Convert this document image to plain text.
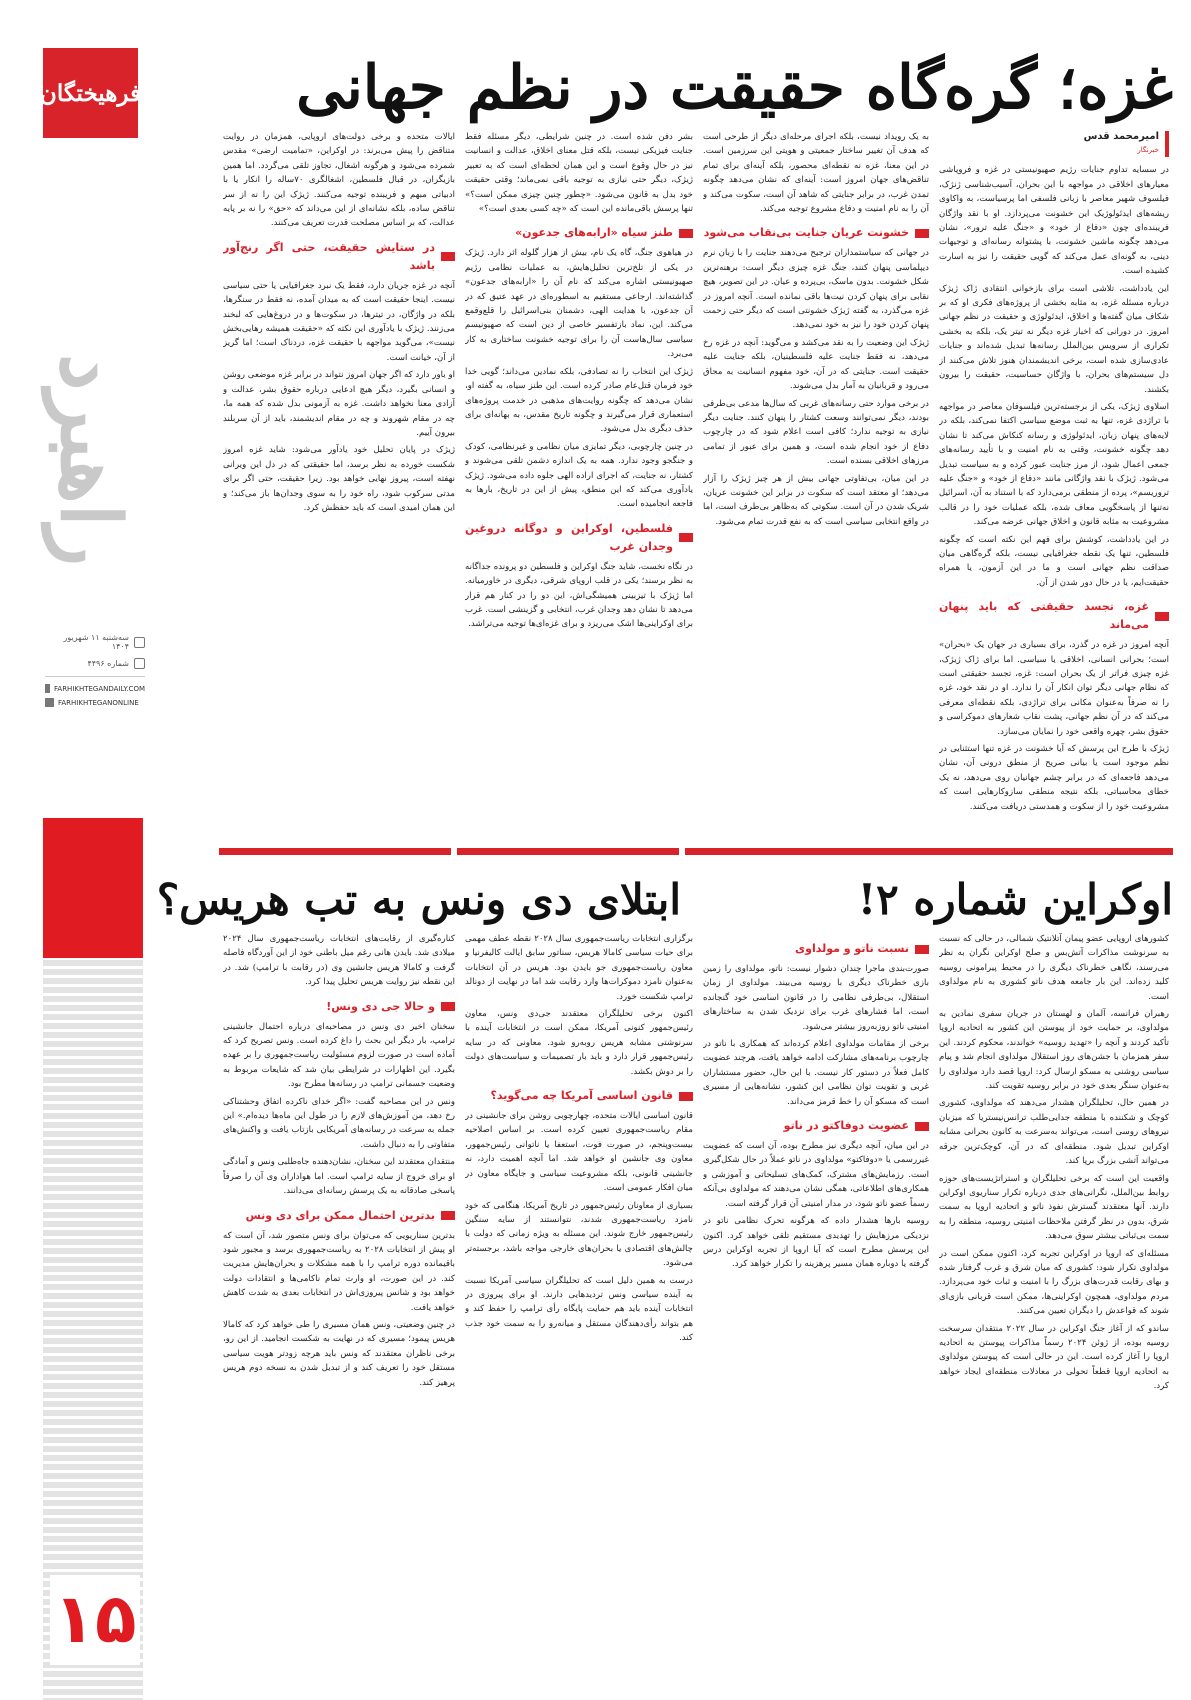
فرهیختگان
راهبرد
سه‌شنبه ۱۱ شهریور ۱۴۰۴
شماره ۴۴۹۶
FARHIKHTEGANDAILY.COM
FARHIKHTEGANONLINE
۱۵
غزه؛ گره‌گاه حقیقت در نظم جهانی
امیرمحمد قدس
خبرنگار

در سسایه تداوم جنایات رژیم صهیونیستی در غزه و فروپاشی معیارهای اخلاقی در مواجهه با این بحران، آسیب‌شناسی ژنژک، فیلسوف شهیر معاصر با زبانی فلسفی اما پرسیاست، به واکاوی ریشه‌های ایدئولوژیک این خشونت می‌پردازد. او با نقد واژگان فریبنده‌ای چون «دفاع از خود» و «جنگ علیه ترور»، نشان می‌دهد چگونه ماشین خشونت، با پشتوانه رسانه‌ای و توجیهات دینی، به گونه‌ای عمل می‌کند که گویی حقیقت را نیز به اسارت کشیده است.

این یادداشت، تلاشی است برای بازخوانی انتقادی ژاک ژیژک درباره مسئله غزه، به‌ مثابه بخشی از پروژه‌های فکری او که بر شکاف میان گفته‌ها و اخلاق، ایدئولوژی و حقیقت در نظم جهانی امروز. در دورانی که اخبار غزه دیگر نه تیتر یک، بلکه به بخشی تکراری از سرویس بین‌الملل رسانه‌ها تبدیل شده‌اند و جنایات عادی‌سازی شده است، برخی اندیشمندان هنوز تلاش می‌کنند از دل سیستم‌های بحران، با واژگان حساسیت، حقیقت را بیرون بکشند.

اسلاوی ژیژک، یکی از برجسته‌ترین فیلسوفان معاصر در مواجهه با تراژدی غزه، تنها به ثبت موضع سیاسی اکتفا نمی‌کند، بلکه در لایه‌های پنهان زبان، ایدئولوژی و رسانه کنکاش می‌کند تا نشان دهد چگونه خشونت، وقتی به نام امنیت و با تأیید رسانه‌های جمعی اعمال شود، از مرز جنایت عبور کرده و به سیاست تبدیل می‌شود. ژیژک با نقد واژگانی مانند «دفاع از خود» و «جنگ علیه تروریسم»، پرده از منطقی برمی‌دارد که با استناد به آن، اسرائیل نه‌تنها از پاسخگویی معاف شده، بلکه عملیات خود را در قالب مشروعیت به‌ مثابه قانون و اخلاق جهانی عرضه می‌کند.

در این یادداشت، کوشش برای فهم این نکته است که چگونه فلسطین، تنها یک نقطه جغرافیایی نیست، بلکه گره‌گاهی میان صداقت نظم جهانی است و ما در این آزمون، یا همراه حقیقت‌ایم، یا در حال دور شدن از آن.

غزه، تجسد حقیقتی که باید پنهان می‌ماند

آنچه امروز در غزه در گذرد، برای بسیاری در جهان یک «بحران» است؛ بحرانی انسانی، اخلاقی یا سیاسی. اما برای ژاک ژیژک، غزه چیزی فراتر از یک بحران است: غزه، تجسد حقیقتی است که نظام جهانی دیگر توان انکار آن را ندارد. او در نقد خود، غزه را نه صرفاً به‌عنوان مکانی برای تراژدی، بلکه نقطه‌ای معرفی می‌کند که در آن نظم جهانی، پشت نقاب شعارهای دموکراسی و حقوق بشر، چهره واقعی خود را نمایان می‌سازد.

ژیژک با طرح این پرسش که آیا خشونت در غزه تنها استثنایی در نظم موجود است یا بیانی صریح از منطق درونی آن، نشان می‌دهد فاجعه‌ای که در برابر چشم جهانیان روی می‌دهد، نه یک خطای محاسباتی، بلکه نتیجه منطقی سازوکارهایی است که مشروعیت خود را از سکوت و همدستی دریافت می‌کنند.

به یک رویداد نیست، بلکه اجرای مرحله‌ای دیگر از طرحی است که هدف آن تغییر ساختار جمعیتی و هویتی این سرزمین است. در این معنا، غزه نه نقطه‌ای محصور، بلکه آینه‌ای برای تمام تناقض‌های جهان امروز است: آینه‌ای که نشان می‌دهد چگونه تمدن غرب، در برابر جنایتی که شاهد آن است، سکوت می‌کند و آن را به نام امنیت و دفاع مشروع توجیه می‌کند.

خشونت عریان جنایت بی‌نقاب می‌شود

در جهانی که سیاستمداران ترجیح می‌دهند جنایت را با زبان نرم دیپلماسی پنهان کنند، جنگ غزه چیزی دیگر است: برهنه‌ترین شکل خشونت. بدون ماسک، بی‌پرده و عیان. در این تصویر، هیچ نقابی برای پنهان کردن نیت‌ها باقی نمانده است. آنچه امروز در غزه می‌گذرد، به گفته ژیژک خشونتی است که دیگر حتی زحمت پنهان کردن خود را نیز به خود نمی‌دهد.

ژیژک این وضعیت را به نقد می‌کشد و می‌گوید: آنچه در غزه رخ می‌دهد، نه فقط جنایت علیه فلسطینیان، بلکه جنایت علیه حقیقت است. جنایتی که در آن، خود مفهوم انسانیت به محاق می‌رود و قربانیان به آمار بدل می‌شوند.

در برخی موارد حتی رسانه‌های غربی که سال‌ها مدعی بی‌طرفی بودند، دیگر نمی‌توانند وسعت کشتار را پنهان کنند. جنایت دیگر نیازی به توجیه ندارد؛ کافی است اعلام شود که در چارچوب دفاع از خود انجام شده است، و همین برای عبور از تمامی مرزهای اخلاقی بسنده است.

در این میان، بی‌تفاوتی جهانی بیش از هر چیز ژیژک را آزار می‌دهد؛ او معتقد است که سکوت در برابر این خشونت عریان، شریک شدن در آن است. سکوتی که به‌ظاهر بی‌طرف است، اما در واقع انتخابی سیاسی است که به نفع قدرت تمام می‌شود.

بشر دفن شده است. در چنین شرایطی، دیگر مسئله فقط جنایت فیزیکی نیست، بلکه قتل معنای اخلاق، عدالت و انسانیت نیز در حال وقوع است و این همان لحظه‌ای است که به تعبیر ژیژک، دیگر حتی نیازی به توجیه باقی نمی‌ماند؛ وقتی حقیقت خود بدل به قانون می‌شود. «چطور چنین چیزی ممکن است؟» تنها پرسش باقی‌مانده این است که «چه کسی بعدی است؟»

طنز سیاه «ارابه‌های جدعون»

در هیاهوی جنگ، گاه یک نام، بیش از هزار گلوله اثر دارد. ژیژک در یکی از تلخ‌ترین تحلیل‌هایش، به عملیات نظامی رژیم صهیونیستی اشاره می‌کند که نام آن را «ارابه‌های جدعون» گذاشته‌اند. ارجاعی مستقیم به اسطوره‌ای در عهد عتیق که در آن جدعون، با هدایت الهی، دشمنان بنی‌اسرائیل را قلع‌وقمع می‌کند. این، نماد بازتفسیر خاصی از دین است که صهیونیسم سیاسی سال‌هاست آن را برای توجیه خشونت ساختاری به کار می‌برد.

ژیژک این انتخاب را نه تصادفی، بلکه نمادین می‌داند؛ گویی خدا خود فرمان قتل‌عام صادر کرده است. این طنز سیاه، به گفته او، نشان می‌دهد که چگونه روایت‌های مذهبی در خدمت پروژه‌های استعماری قرار می‌گیرند و چگونه تاریخ مقدس، به بهانه‌ای برای حذف دیگری بدل می‌شود.

در چنین چارچوبی، دیگر تمایزی میان نظامی و غیرنظامی، کودک و جنگجو وجود ندارد. همه به یک اندازه دشمن تلقی می‌شوند و کشتار، نه جنایت، که اجرای اراده الهی جلوه داده می‌شود. ژیژک یادآوری می‌کند که این منطق، پیش از این در تاریخ، بارها به فاجعه انجامیده است.

فلسطین، اوکراین و دوگانه دروغین وجدان غرب

در نگاه نخست، شاید جنگ اوکراین و فلسطین دو پرونده جداگانه به نظر برسند؛ یکی در قلب اروپای شرقی، دیگری در خاورمیانه. اما ژیژک با تیزبینی همیشگی‌اش، این دو را در کنار هم قرار می‌دهد تا نشان دهد وجدان غرب، انتخابی و گزینشی است. غرب برای اوکراینی‌ها اشک می‌ریزد و برای غزه‌ای‌ها توجیه می‌تراشد.

ایالات متحده و برخی دولت‌های اروپایی، همزمان در روایت متناقض را پیش می‌برند: در اوکراین، «تمامیت ارضی» مقدس شمرده می‌شود و هرگونه اشغال، تجاوز تلقی می‌گردد. اما همین بازیگران، در قبال فلسطین، اشغالگری ۷۰ساله را انکار یا با ادبیاتی مبهم و فریبنده توجیه می‌کنند. ژیژک این را نه از سر تناقض ساده، بلکه نشانه‌ای از این می‌داند که «حق» را نه بر پایه عدالت، که بر اساس مصلحت قدرت تعریف می‌کنند.

در ستایش حقیقت، حتی اگر رنج‌آور باشد

آنچه در غزه جریان دارد، فقط یک نبرد جغرافیایی یا حتی سیاسی نیست. اینجا حقیقت است که به میدان آمده، نه فقط در سنگرها، بلکه در واژگان، در تیترها، در سکوت‌ها و در دروغ‌هایی که لبخند می‌زنند. ژیژک با یادآوری این نکته که «حقیقت همیشه رهایی‌بخش نیست»، می‌گوید مواجهه با حقیقت غزه، دردناک است؛ اما گریز از آن، خیانت است.

او باور دارد که اگر جهان امروز نتواند در برابر غزه موضعی روشن و انسانی بگیرد، دیگر هیچ ادعایی درباره حقوق بشر، عدالت و آزادی معنا نخواهد داشت. غزه به آزمونی بدل شده که همه ما، چه در مقام شهروند و چه در مقام اندیشمند، باید از آن سربلند بیرون آییم.

ژیژک در پایان تحلیل خود یادآور می‌شود: شاید غزه امروز شکست خورده به نظر برسد، اما حقیقتی که در دل این ویرانی نهفته است، پیروز نهایی خواهد بود. زیرا حقیقت، حتی اگر برای مدتی سرکوب شود، راه خود را به سوی وجدان‌ها باز می‌کند؛ و این همان امیدی است که باید حفظش کرد.

اوکراین شماره ۲!
ابتلای دی ونس به تب هریس؟

کشورهای اروپایی عضو پیمان آتلانتیک شمالی، در حالی که نسبت به سرنوشت مذاکرات آتش‌بس و صلح اوکراین نگران به نظر می‌رسند، نگاهی خطرناک دیگری را در محیط پیرامونی روسیه کلید زده‌اند. این بار جامعه هدف ناتو کشوری به نام مولداوی است.

رهبران فرانسه، آلمان و لهستان در جریان سفری نمادین به مولداوی، بر حمایت خود از پیوستن این کشور به اتحادیه اروپا تأکید کردند و آنچه را «تهدید روسیه» خواندند، محکوم کردند. این سفر همزمان با جشن‌های روز استقلال مولداوی انجام شد و پیام سیاسی روشنی به مسکو ارسال کرد: اروپا قصد دارد مولداوی را به‌عنوان سنگر بعدی خود در برابر روسیه تقویت کند.

در همین حال، تحلیلگران هشدار می‌دهند که مولداوی، کشوری کوچک و شکننده با منطقه جدایی‌طلب ترانس‌نیستریا که میزبان نیروهای روسی است، می‌تواند به‌سرعت به کانون بحرانی مشابه اوکراین تبدیل شود. منطقه‌ای که در آن، کوچک‌ترین جرقه می‌تواند آتشی بزرگ برپا کند.

واقعیت این است که برخی تحلیلگران و استراتژیست‌های حوزه روابط بین‌الملل، نگرانی‌های جدی درباره تکرار سناریوی اوکراین دارند. آنها معتقدند گسترش نفوذ ناتو و اتحادیه اروپا به سمت شرق، بدون در نظر گرفتن ملاحظات امنیتی روسیه، منطقه را به سمت بی‌ثباتی بیشتر سوق می‌دهد.

مسئله‌ای که اروپا در اوکراین تجربه کرد، اکنون ممکن است در مولداوی تکرار شود: کشوری که میان شرق و غرب گرفتار شده و بهای رقابت قدرت‌های بزرگ را با امنیت و ثبات خود می‌پردازد. مردم مولداوی، همچون اوکراینی‌ها، ممکن است قربانی بازی‌ای شوند که قواعدش را دیگران تعیین می‌کنند.

ساندو که از آغاز جنگ اوکراین در سال ۲۰۲۲ منتقدان سرسخت روسیه بوده، از ژوئن ۲۰۲۴ رسماً مذاکرات پیوستن به اتحادیه اروپا را آغاز کرده است. این در حالی است که پیوستن مولداوی به اتحادیه اروپا قطعاً تحولی در معادلات منطقه‌ای ایجاد خواهد کرد.

نسبت ناتو و مولداوی

صورت‌بندی ماجرا چندان دشوار نیست: ناتو، مولداوی را زمین بازی خطرناک دیگری با روسیه می‌بیند. مولداوی از زمان استقلال، بی‌طرفی نظامی را در قانون اساسی خود گنجانده است، اما فشارهای غرب برای نزدیک شدن به ساختارهای امنیتی ناتو روزبه‌روز بیشتر می‌شود.

برخی از مقامات مولداوی اعلام کرده‌اند که همکاری با ناتو در چارچوب برنامه‌های مشارکت ادامه خواهد یافت، هرچند عضویت کامل فعلاً در دستور کار نیست. با این حال، حضور مستشاران غربی و تقویت توان نظامی این کشور، نشانه‌هایی از مسیری است که مسکو آن را خط قرمز می‌داند.

عضویت دوفاکتو در ناتو

در این میان، آنچه دیگری نیز مطرح بوده، آن است که عضویت غیررسمی یا «دوفاکتو» مولداوی در ناتو عملاً در حال شکل‌گیری است. رزمایش‌های مشترک، کمک‌های تسلیحاتی و آموزشی و همکاری‌های اطلاعاتی، همگی نشان می‌دهند که مولداوی بی‌آنکه رسماً عضو ناتو شود، در مدار امنیتی آن قرار گرفته است.

روسیه بارها هشدار داده که هرگونه تحرک نظامی ناتو در نزدیکی مرزهایش را تهدیدی مستقیم تلقی خواهد کرد. اکنون این پرسش مطرح است که آیا اروپا از تجربه اوکراین درس گرفته یا دوباره همان مسیر پرهزینه را تکرار خواهد کرد.

برگزاری انتخابات ریاست‌جمهوری سال ۲۰۲۸ نقطه عطف مهمی برای حیات سیاسی کامالا هریس، سناتور سابق ایالت کالیفرنیا و معاون ریاست‌جمهوری جو بایدن بود. هریس در آن انتخابات به‌عنوان نامزد دموکرات‌ها وارد رقابت شد اما در نهایت از دونالد ترامپ شکست خورد.

اکنون برخی تحلیلگران معتقدند جی‌دی ونس، معاون رئیس‌جمهور کنونی آمریکا، ممکن است در انتخابات آینده با سرنوشتی مشابه هریس روبه‌رو شود. معاونی که در سایه رئیس‌جمهور قرار دارد و باید بار تصمیمات و سیاست‌های دولت را بر دوش بکشد.

قانون اساسی آمریکا چه می‌گوید؟

قانون اساسی ایالات متحده، چهارچوبی روشن برای جانشینی در مقام ریاست‌جمهوری تعیین کرده است. بر اساس اصلاحیه بیست‌وپنجم، در صورت فوت، استعفا یا ناتوانی رئیس‌جمهور، معاون وی جانشین او خواهد شد. اما آنچه اهمیت دارد، نه جانشینی قانونی، بلکه مشروعیت سیاسی و جایگاه معاون در میان افکار عمومی است.

بسیاری از معاونان رئیس‌جمهور در تاریخ آمریکا، هنگامی که خود نامزد ریاست‌جمهوری شدند، نتوانستند از سایه سنگین رئیس‌جمهور خارج شوند. این مسئله به ویژه زمانی که دولت با چالش‌های اقتصادی یا بحران‌های خارجی مواجه باشد، برجسته‌تر می‌شود.

درست به همین دلیل است که تحلیلگران سیاسی آمریکا نسبت به آینده سیاسی ونس تردیدهایی دارند. او برای پیروزی در انتخابات آینده باید هم حمایت پایگاه رأی ترامپ را حفظ کند و هم بتواند رأی‌دهندگان مستقل و میانه‌رو را به سمت خود جذب کند.

کناره‌گیری از رقابت‌های انتخابات ریاست‌جمهوری سال ۲۰۲۴ میلادی شد. بایدن هانی رغم میل باطنی خود از این آوردگاه فاصله گرفت و کامالا هریس جانشین وی (در رقابت با ترامپ) شد. در این نقطه نیز روایت هریس تحلیل پیدا کرد.

و حالا جی دی ونس!

سخنان اخیر دی ونس در مصاحبه‌ای درباره احتمال جانشینی ترامپ، بار دیگر این بحث را داغ کرده است. ونس تصریح کرد که آماده است در صورت لزوم مسئولیت ریاست‌جمهوری را بر عهده بگیرد. این اظهارات در شرایطی بیان شد که شایعات مربوط به وضعیت جسمانی ترامپ در رسانه‌ها مطرح بود.

ونس در این مصاحبه گفت: «اگر خدای ناکرده اتفاق وحشتناکی رخ دهد، من آموزش‌های لازم را در طول این ماه‌ها دیده‌ام.» این جمله به سرعت در رسانه‌های آمریکایی بازتاب یافت و واکنش‌های متفاوتی را به دنبال داشت.

منتقدان معتقدند این سخنان، نشان‌دهنده جاه‌طلبی ونس و آمادگی او برای خروج از سایه ترامپ است. اما هواداران وی آن را صرفاً پاسخی صادقانه به یک پرسش رسانه‌ای می‌دانند.

بدترین احتمال ممکن برای دی ونس

بدترین سناریویی که می‌توان برای ونس متصور شد، آن است که او پیش از انتخابات ۲۰۲۸ به ریاست‌جمهوری برسد و مجبور شود باقیمانده دوره ترامپ را با همه مشکلات و بحران‌هایش مدیریت کند. در این صورت، او وارث تمام ناکامی‌ها و انتقادات دولت خواهد بود و شانس پیروزی‌اش در انتخابات بعدی به شدت کاهش خواهد یافت.

در چنین وضعیتی، ونس همان مسیری را طی خواهد کرد که کامالا هریس پیمود؛ مسیری که در نهایت به شکست انجامید. از این رو، برخی ناظران معتقدند که ونس باید هرچه زودتر هویت سیاسی مستقل خود را تعریف کند و از تبدیل شدن به نسخه دوم هریس پرهیز کند.
